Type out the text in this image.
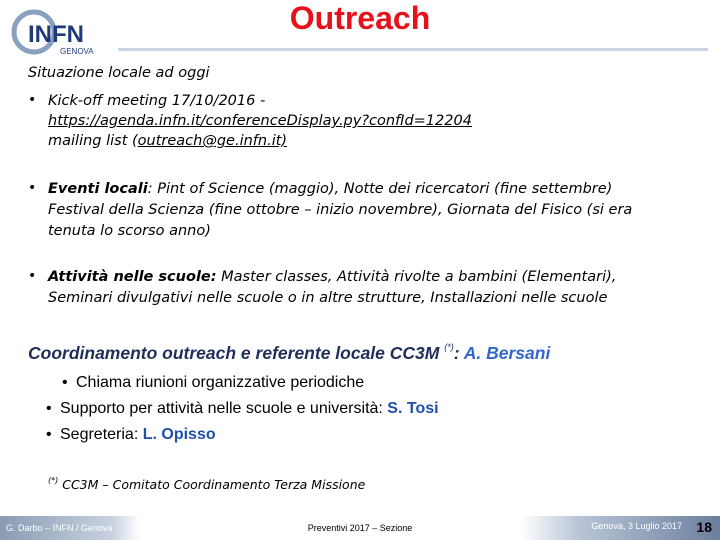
INFN
GENOVA
Outreach
Situazione locale ad oggi
• Kick-off meeting 17/10/2016 -
https://agenda.infn.it/conferenceDisplay.py?confId=12204
mailing list (outreach@ge.infn.it)
• Eventi locali: Pint of Science (maggio), Notte dei ricercatori (fine settembre)
Festival della Scienza (fine ottobre – inizio novembre), Giornata del Fisico (si era
tenuta lo scorso anno)
• Attività nelle scuole: Master classes, Attività rivolte a bambini (Elementari),
Seminari divulgativi nelle scuole o in altre strutture, Installazioni nelle scuole
Coordinamento outreach e referente locale CC3M (*): A. Bersani
• Chiama riunioni organizzative periodiche
• Supporto per attività nelle scuole e università: S. Tosi
• Segreteria: L. Opisso
(*) CC3M – Comitato Coordinamento Terza Missione
G. Darbo – INFN / Genova	Preventivi 2017 – Sezione	Genova, 3 Luglio 2017 18
